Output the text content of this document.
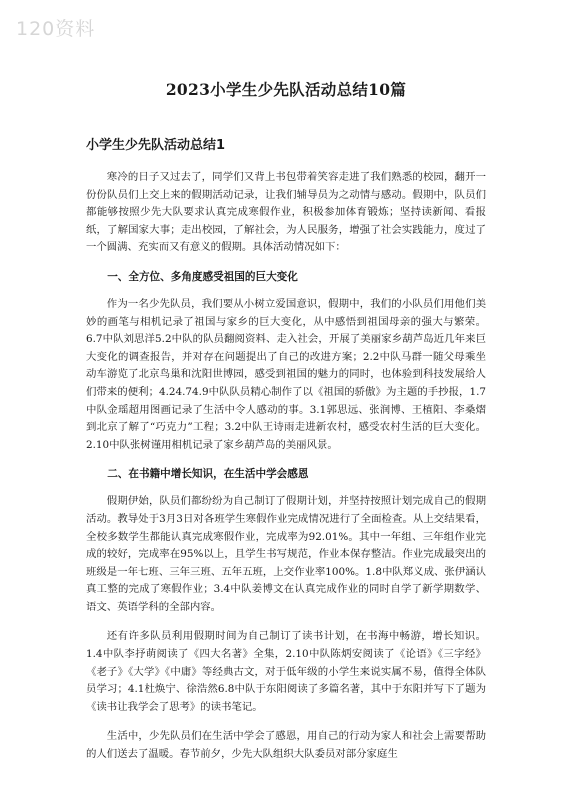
120资料
2023小学生少先队活动总结10篇
小学生少先队活动总结1

寒冷的日子又过去了，同学们又背上书包带着笑容走进了我们熟悉的校园，翻开一份份队员们上交上来的假期活动记录，让我们辅导员为之动情与感动。假期中，队员们都能够按照少先大队要求认真完成寒假作业，积极参加体育锻炼；坚持读新闻、看报纸，了解国家大事；走出校园，了解社会，为人民服务，增强了社会实践能力，度过了一个圆满、充实而又有意义的假期。具体活动情况如下：

一、全方位、多角度感受祖国的巨大变化

作为一名少先队员，我们要从小树立爱国意识，假期中，我们的小队员们用他们美妙的画笔与相机记录了祖国与家乡的巨大变化，从中感悟到祖国母亲的强大与繁荣。6.7中队刘思洋5.2中队的队员翻阅资料、走入社会，开展了美丽家乡葫芦岛近几年来巨大变化的调查报告，并对存在问题提出了自己的改进方案；2.2中队马群一随父母乘坐动车游览了北京鸟巢和沈阳世博园，感受到祖国的魅力的同时，也体验到科技发展给人们带来的便利；4.24.74.9中队队员精心制作了以《祖国的骄傲》为主题的手抄报，1.7中队金瑶超用图画记录了生活中令人感动的事。3.1郭思远、张润博、王植阳、李桑熠到北京了解了“巧克力”工程；3.2中队王诗雨走进新农村，感受农村生活的巨大变化。2.10中队张树谨用相机记录了家乡葫芦岛的美丽风景。

二、在书籍中增长知识，在生活中学会感恩

假期伊始，队员们都纷纷为自己制订了假期计划，并坚持按照计划完成自己的假期活动。教导处于3月3日对各班学生寒假作业完成情况进行了全面检查。从上交结果看，全校多数学生都能认真完成寒假作业，完成率为92.01%。其中一年组、三年组作业完成的较好，完成率在95%以上，且学生书写规范，作业本保存整洁。作业完成最突出的班级是一年七班、三年三班、五年五班，上交作业率100%。1.8中队郑义成、张伊涵认真工整的完成了寒假作业；3.4中队姜博文在认真完成作业的同时自学了新学期数学、语文、英语学科的全部内容。

还有许多队员利用假期时间为自己制订了读书计划，在书海中畅游，增长知识。1.4中队李抒萌阅读了《四大名著》全集，2.10中队陈炳安阅读了《论语》《三字经》《老子》《大学》《中庸》等经典古文，对于低年级的小学生来说实属不易，值得全体队员学习；4.1杜焕宁、徐浩然6.8中队于东阳阅读了多篇名著，其中于东阳并写下了题为《读书让我学会了思考》的读书笔记。

生活中，少先队员们在生活中学会了感恩，用自己的行动为家人和社会上需要帮助的人们送去了温暖。春节前夕，少先大队组织大队委员对部分家庭生
